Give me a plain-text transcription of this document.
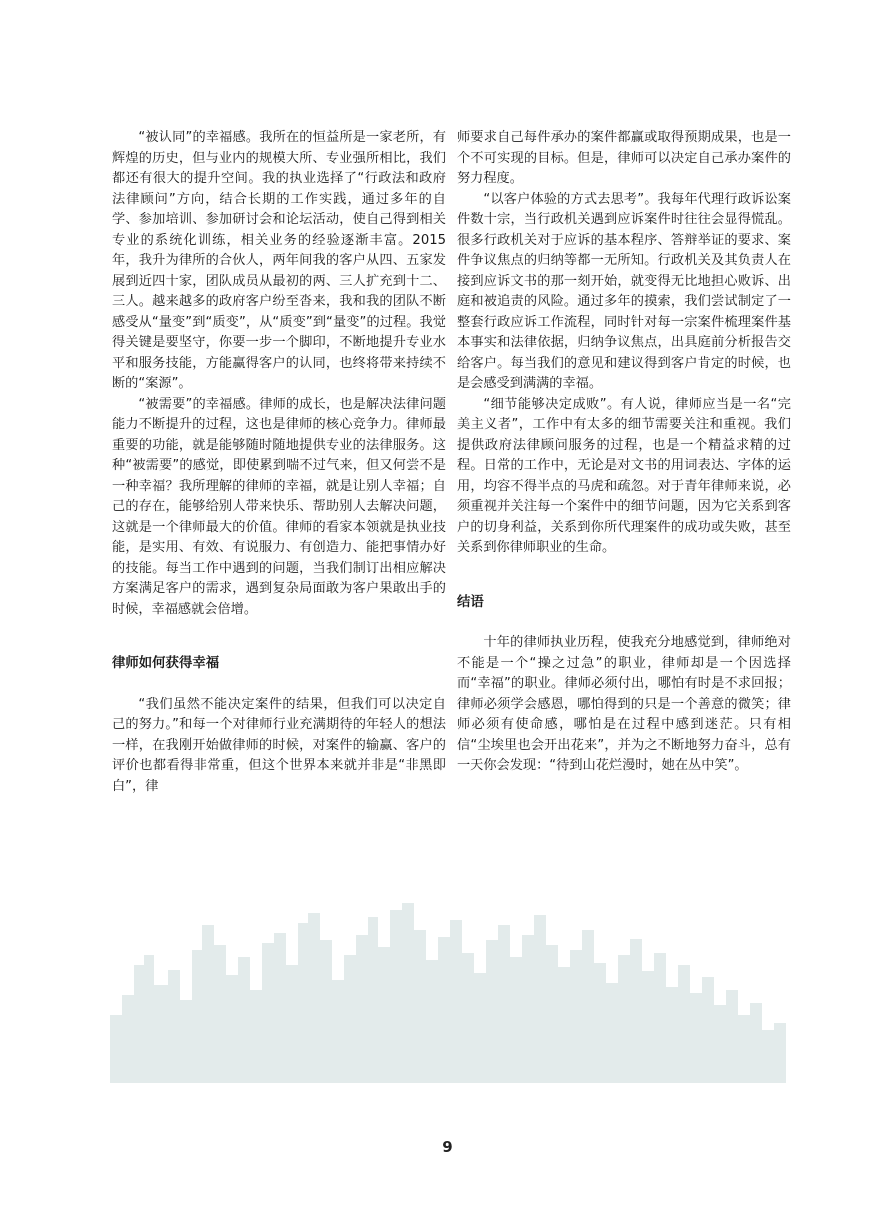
“被认同”的幸福感。我所在的恒益所是一家老所，有辉煌的历史，但与业内的规模大所、专业强所相比，我们都还有很大的提升空间。我的执业选择了“行政法和政府法律顾问”方向，结合长期的工作实践，通过多年的自学、参加培训、参加研讨会和论坛活动，使自己得到相关专业的系统化训练，相关业务的经验逐渐丰富。2015年，我升为律所的合伙人，两年间我的客户从四、五家发展到近四十家，团队成员从最初的两、三人扩充到十二、三人。越来越多的政府客户纷至沓来，我和我的团队不断感受从“量变”到“质变”，从“质变”到“量变”的过程。我觉得关键是要坚守，你要一步一个脚印，不断地提升专业水平和服务技能，方能赢得客户的认同，也终将带来持续不断的“案源”。

“被需要”的幸福感。律师的成长，也是解决法律问题能力不断提升的过程，这也是律师的核心竞争力。律师最重要的功能，就是能够随时随地提供专业的法律服务。这种“被需要”的感觉，即使累到喘不过气来，但又何尝不是一种幸福？我所理解的律师的幸福，就是让别人幸福；自己的存在，能够给别人带来快乐、帮助别人去解决问题，这就是一个律师最大的价值。律师的看家本领就是执业技能，是实用、有效、有说服力、有创造力、能把事情办好的技能。每当工作中遇到的问题，当我们制订出相应解决方案满足客户的需求，遇到复杂局面敢为客户果敢出手的时候，幸福感就会倍增。

律师如何获得幸福

“我们虽然不能决定案件的结果，但我们可以决定自己的努力。”和每一个对律师行业充满期待的年轻人的想法一样，在我刚开始做律师的时候，对案件的输赢、客户的评价也都看得非常重，但这个世界本来就并非是“非黑即白”，律

师要求自己每件承办的案件都赢或取得预期成果，也是一个不可实现的目标。但是，律师可以决定自己承办案件的努力程度。

“以客户体验的方式去思考”。我每年代理行政诉讼案件数十宗，当行政机关遇到应诉案件时往往会显得慌乱。很多行政机关对于应诉的基本程序、答辩举证的要求、案件争议焦点的归纳等都一无所知。行政机关及其负责人在接到应诉文书的那一刻开始，就变得无比地担心败诉、出庭和被追责的风险。通过多年的摸索，我们尝试制定了一整套行政应诉工作流程，同时针对每一宗案件梳理案件基本事实和法律依据，归纳争议焦点，出具庭前分析报告交给客户。每当我们的意见和建议得到客户肯定的时候，也是会感受到满满的幸福。

“细节能够决定成败”。有人说，律师应当是一名“完美主义者”，工作中有太多的细节需要关注和重视。我们提供政府法律顾问服务的过程，也是一个精益求精的过程。日常的工作中，无论是对文书的用词表达、字体的运用，均容不得半点的马虎和疏忽。对于青年律师来说，必须重视并关注每一个案件中的细节问题，因为它关系到客户的切身利益，关系到你所代理案件的成功或失败，甚至关系到你律师职业的生命。

结语

十年的律师执业历程，使我充分地感觉到，律师绝对不能是一个“操之过急”的职业，律师却是一个因选择而“幸福”的职业。律师必须付出，哪怕有时是不求回报；律师必须学会感恩，哪怕得到的只是一个善意的微笑；律师必须有使命感，哪怕是在过程中感到迷茫。只有相信“尘埃里也会开出花来”，并为之不断地努力奋斗，总有一天你会发现：“待到山花烂漫时，她在丛中笑”。

9
